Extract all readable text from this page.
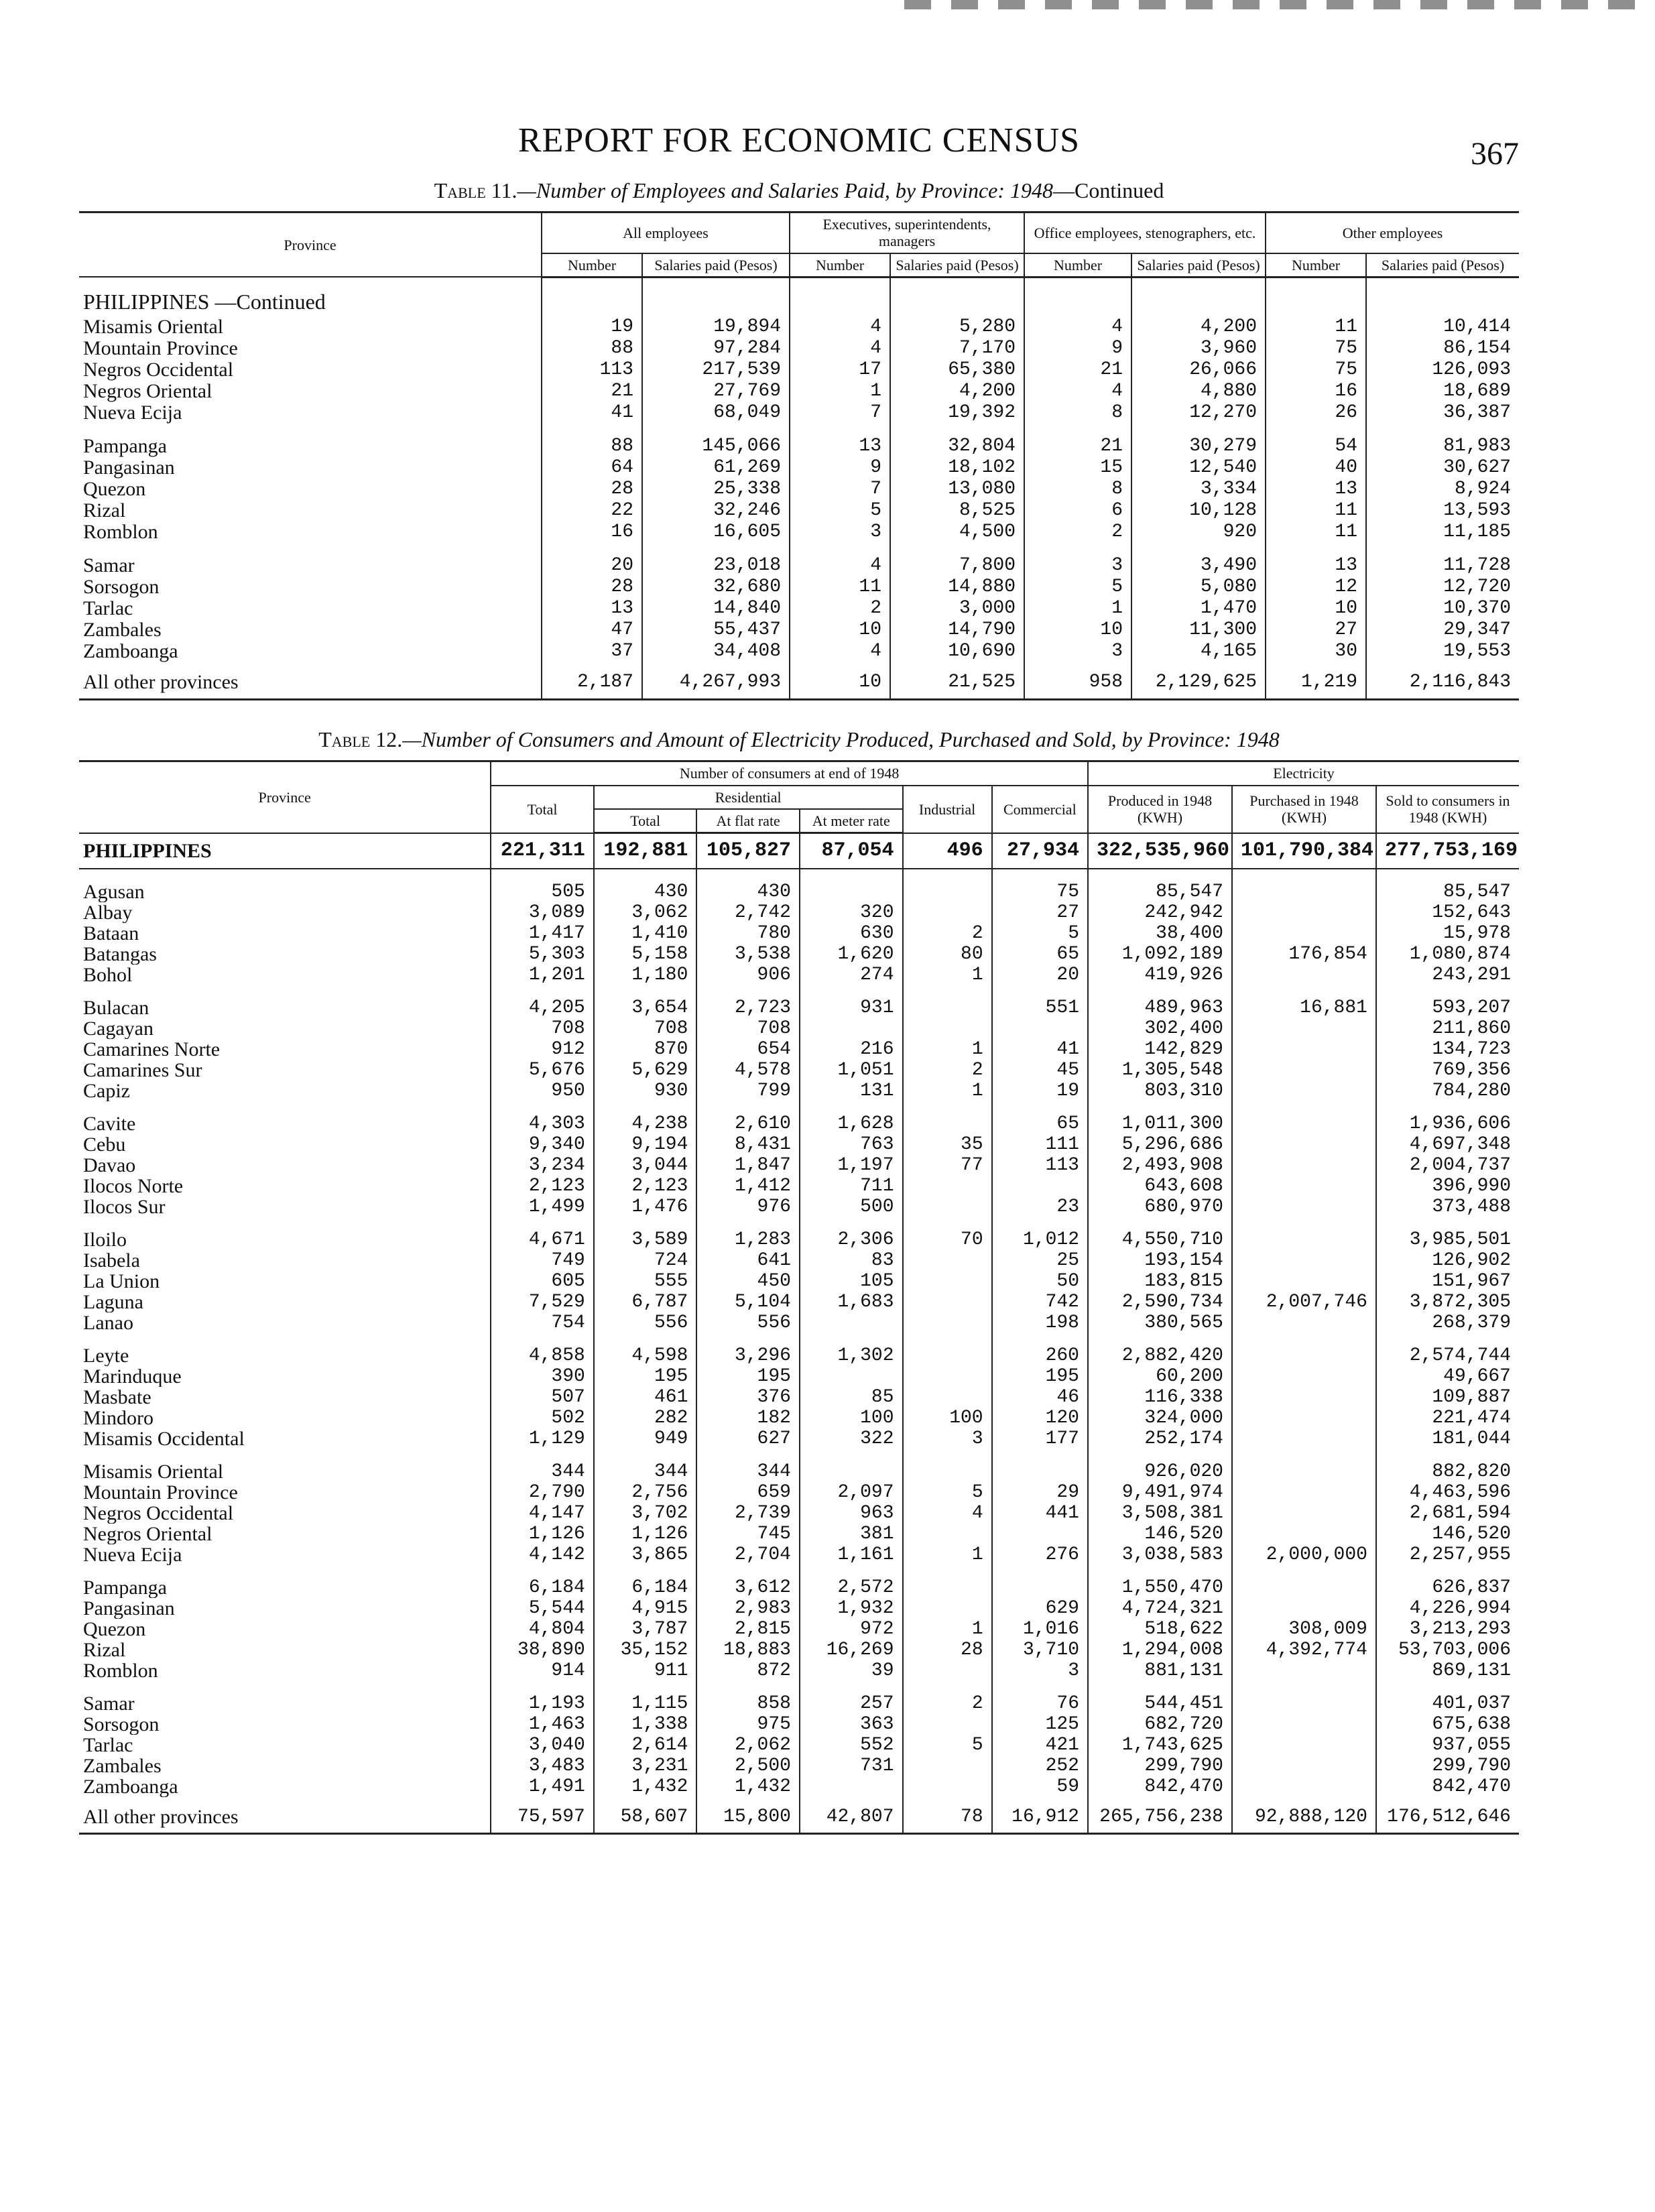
REPORT FOR ECONOMIC CENSUS	367
Table 11.—Number of Employees and Salaries Paid, by Province: 1948—Continued
Province	All employees		Executives, superintendents, managers		Office employees, stenographers, etc.		Other employees	
	Number	Salaries paid (Pesos)	Number	Salaries paid (Pesos)	Number	Salaries paid (Pesos)	Number	Salaries paid (Pesos)
PHILIPPINES —Continued								
Misamis Oriental	19	19,894	4	5,280	4	4,200	11	10,414
Mountain Province	88	97,284	4	7,170	9	3,960	75	86,154
Negros Occidental	113	217,539	17	65,380	21	26,066	75	126,093
Negros Oriental	21	27,769	1	4,200	4	4,880	16	18,689
Nueva Ecija	41	68,049	7	19,392	8	12,270	26	36,387
Pampanga	88	145,066	13	32,804	21	30,279	54	81,983
Pangasinan	64	61,269	9	18,102	15	12,540	40	30,627
Quezon	28	25,338	7	13,080	8	3,334	13	8,924
Rizal	22	32,246	5	8,525	6	10,128	11	13,593
Romblon	16	16,605	3	4,500	2	920	11	11,185
Samar	20	23,018	4	7,800	3	3,490	13	11,728
Sorsogon	28	32,680	11	14,880	5	5,080	12	12,720
Tarlac	13	14,840	2	3,000	1	1,470	10	10,370
Zambales	47	55,437	10	14,790	10	11,300	27	29,347
Zamboanga	37	34,408	4	10,690	3	4,165	30	19,553
All other provinces	2,187	4,267,993	10	21,525	958	2,129,625	1,219	2,116,843
Table 12.—Number of Consumers and Amount of Electricity Produced, Purchased and Sold, by Province: 1948
Province	Number of consumers at end of 1948						Electricity		
	Total	Residential			Industrial	Commercial	Produced in 1948 (KWH)	Purchased in 1948 (KWH)	Sold to consumers in 1948 (KWH)
		Total	At flat rate	At meter rate					
PHILIPPINES	221,311	192,881	105,827	87,054	496	27,934	322,535,960	101,790,384	277,753,169
Agusan	505	430	430			75	85,547		85,547
Albay	3,089	3,062	2,742	320		27	242,942		152,643
Bataan	1,417	1,410	780	630	2	5	38,400		15,978
Batangas	5,303	5,158	3,538	1,620	80	65	1,092,189	176,854	1,080,874
Bohol	1,201	1,180	906	274	1	20	419,926		243,291
Bulacan	4,205	3,654	2,723	931		551	489,963	16,881	593,207
Cagayan	708	708	708				302,400		211,860
Camarines Norte	912	870	654	216	1	41	142,829		134,723
Camarines Sur	5,676	5,629	4,578	1,051	2	45	1,305,548		769,356
Capiz	950	930	799	131	1	19	803,310		784,280
Cavite	4,303	4,238	2,610	1,628		65	1,011,300		1,936,606
Cebu	9,340	9,194	8,431	763	35	111	5,296,686		4,697,348
Davao	3,234	3,044	1,847	1,197	77	113	2,493,908		2,004,737
Ilocos Norte	2,123	2,123	1,412	711			643,608		396,990
Ilocos Sur	1,499	1,476	976	500		23	680,970		373,488
Iloilo	4,671	3,589	1,283	2,306	70	1,012	4,550,710		3,985,501
Isabela	749	724	641	83		25	193,154		126,902
La Union	605	555	450	105		50	183,815		151,967
Laguna	7,529	6,787	5,104	1,683		742	2,590,734	2,007,746	3,872,305
Lanao	754	556	556			198	380,565		268,379
Leyte	4,858	4,598	3,296	1,302		260	2,882,420		2,574,744
Marinduque	390	195	195			195	60,200		49,667
Masbate	507	461	376	85		46	116,338		109,887
Mindoro	502	282	182	100	100	120	324,000		221,474
Misamis Occidental	1,129	949	627	322	3	177	252,174		181,044
Misamis Oriental	344	344	344				926,020		882,820
Mountain Province	2,790	2,756	659	2,097	5	29	9,491,974		4,463,596
Negros Occidental	4,147	3,702	2,739	963	4	441	3,508,381		2,681,594
Negros Oriental	1,126	1,126	745	381			146,520		146,520
Nueva Ecija	4,142	3,865	2,704	1,161	1	276	3,038,583	2,000,000	2,257,955
Pampanga	6,184	6,184	3,612	2,572			1,550,470		626,837
Pangasinan	5,544	4,915	2,983	1,932		629	4,724,321		4,226,994
Quezon	4,804	3,787	2,815	972	1	1,016	518,622	308,009	3,213,293
Rizal	38,890	35,152	18,883	16,269	28	3,710	1,294,008	4,392,774	53,703,006
Romblon	914	911	872	39		3	881,131		869,131
Samar	1,193	1,115	858	257	2	76	544,451		401,037
Sorsogon	1,463	1,338	975	363		125	682,720		675,638
Tarlac	3,040	2,614	2,062	552	5	421	1,743,625		937,055
Zambales	3,483	3,231	2,500	731		252	299,790		299,790
Zamboanga	1,491	1,432	1,432			59	842,470		842,470
All other provinces	75,597	58,607	15,800	42,807	78	16,912	265,756,238	92,888,120	176,512,646
